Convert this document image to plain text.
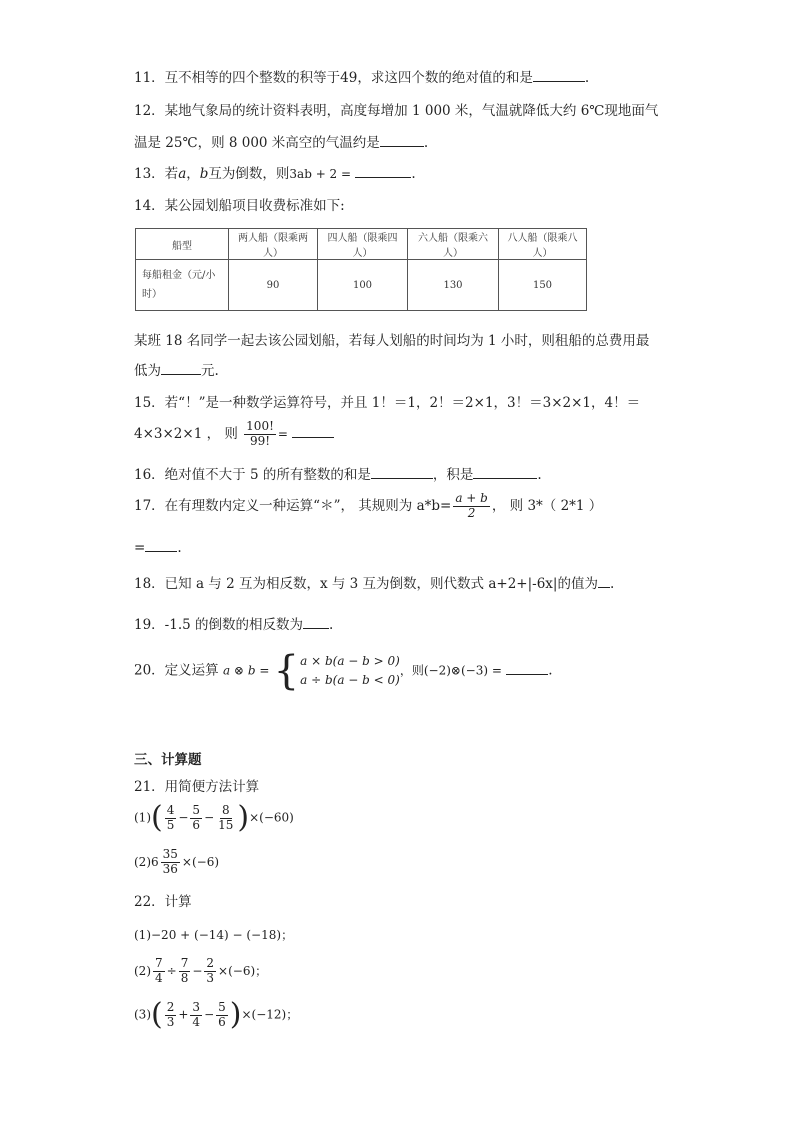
11．互不相等的四个整数的积等于49，求这四个数的绝对值的和是	.
12．某地气象局的统计资料表明，高度每增加 1 000 米，气温就降低大约 6℃现地面气
温是 25℃，则 8 000 米高空的气温约是	.
13．若a，b互为倒数，则3ab + 2 =	.
14．某公园划船项目收费标准如下:
船型	两人船（限乘两人）	四人船（限乘四人）	六人船（限乘六人）	八人船（限乘八人）
每船租金（元/小
时）	90	100	130	150
某班 18 名同学一起去该公园划船，若每人划船的时间均为 1 小时，则租船的总费用最
低为	元.
15．若“！”是一种数学运算符号，并且 1！＝1，2！＝2×1，3！＝3×2×1，4！＝
4×3×2×1 ， 则 $\frac{100!}{99!}$ =
16．绝对值不大于 5 的所有整数的和是	，积是	.
17．在有理数内定义一种运算“＊”， 其规则为 $a*b= \frac{a + b}{2}$ ， 则 3*（ 2*1 ）
= .
18．已知 a 与 2 互为相反数，x 与 3 互为倒数，则代数式 a+2+|-6x|的值为 .
19．-1.5 的倒数的相反数为 .
20．定义运算 a ⊗ b = { a × b(a − b > 0)
a ÷ b(a − b < 0)
，则(−2)⊗(−3) =	.
三、计算题
21．用简便方法计算
$(1)( \frac{4}{5} - \frac{5}{6} - \frac{8}{15} )\times(-60)$
$(2)6 \frac{35}{36} \times(-6)$
22．计算
(1)−20 + (−14) − (−18)；
$(2) \frac{7}{4} \div \frac{7}{8} - \frac{2}{3} \times(-6)$；
$(3)( \frac{2}{3} + \frac{3}{4} - \frac{5}{6} )\times(-12)$；
